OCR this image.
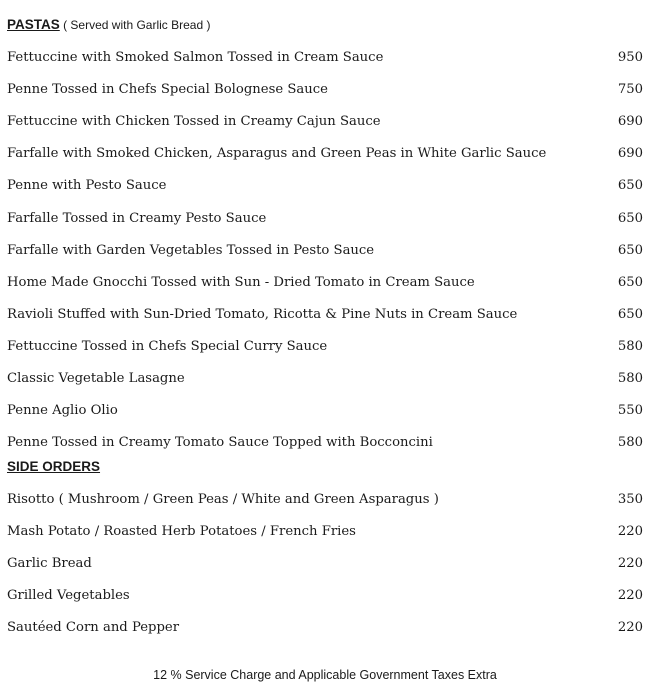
PASTAS ( Served with Garlic Bread )
Fettuccine with Smoked Salmon Tossed in Cream Sauce	950
Penne Tossed in Chefs Special Bolognese Sauce	750
Fettuccine with Chicken Tossed in Creamy Cajun Sauce	690
Farfalle with Smoked Chicken, Asparagus and Green Peas in White Garlic Sauce	690
Penne with Pesto Sauce	650
Farfalle Tossed in Creamy Pesto Sauce	650
Farfalle with Garden Vegetables Tossed in Pesto Sauce	650
Home Made Gnocchi Tossed with Sun - Dried Tomato in Cream Sauce	650
Ravioli Stuffed with Sun-Dried Tomato, Ricotta & Pine Nuts in Cream Sauce	650
Fettuccine Tossed in Chefs Special Curry Sauce	580
Classic Vegetable Lasagne	580
Penne Aglio Olio	550
Penne Tossed in Creamy Tomato Sauce Topped with Bocconcini	580
SIDE ORDERS
Risotto ( Mushroom / Green Peas / White and Green Asparagus )	350
Mash Potato / Roasted Herb Potatoes / French Fries	220
Garlic Bread	220
Grilled Vegetables	220
Sautéed Corn and Pepper	220
12 % Service Charge and Applicable Government Taxes Extra
